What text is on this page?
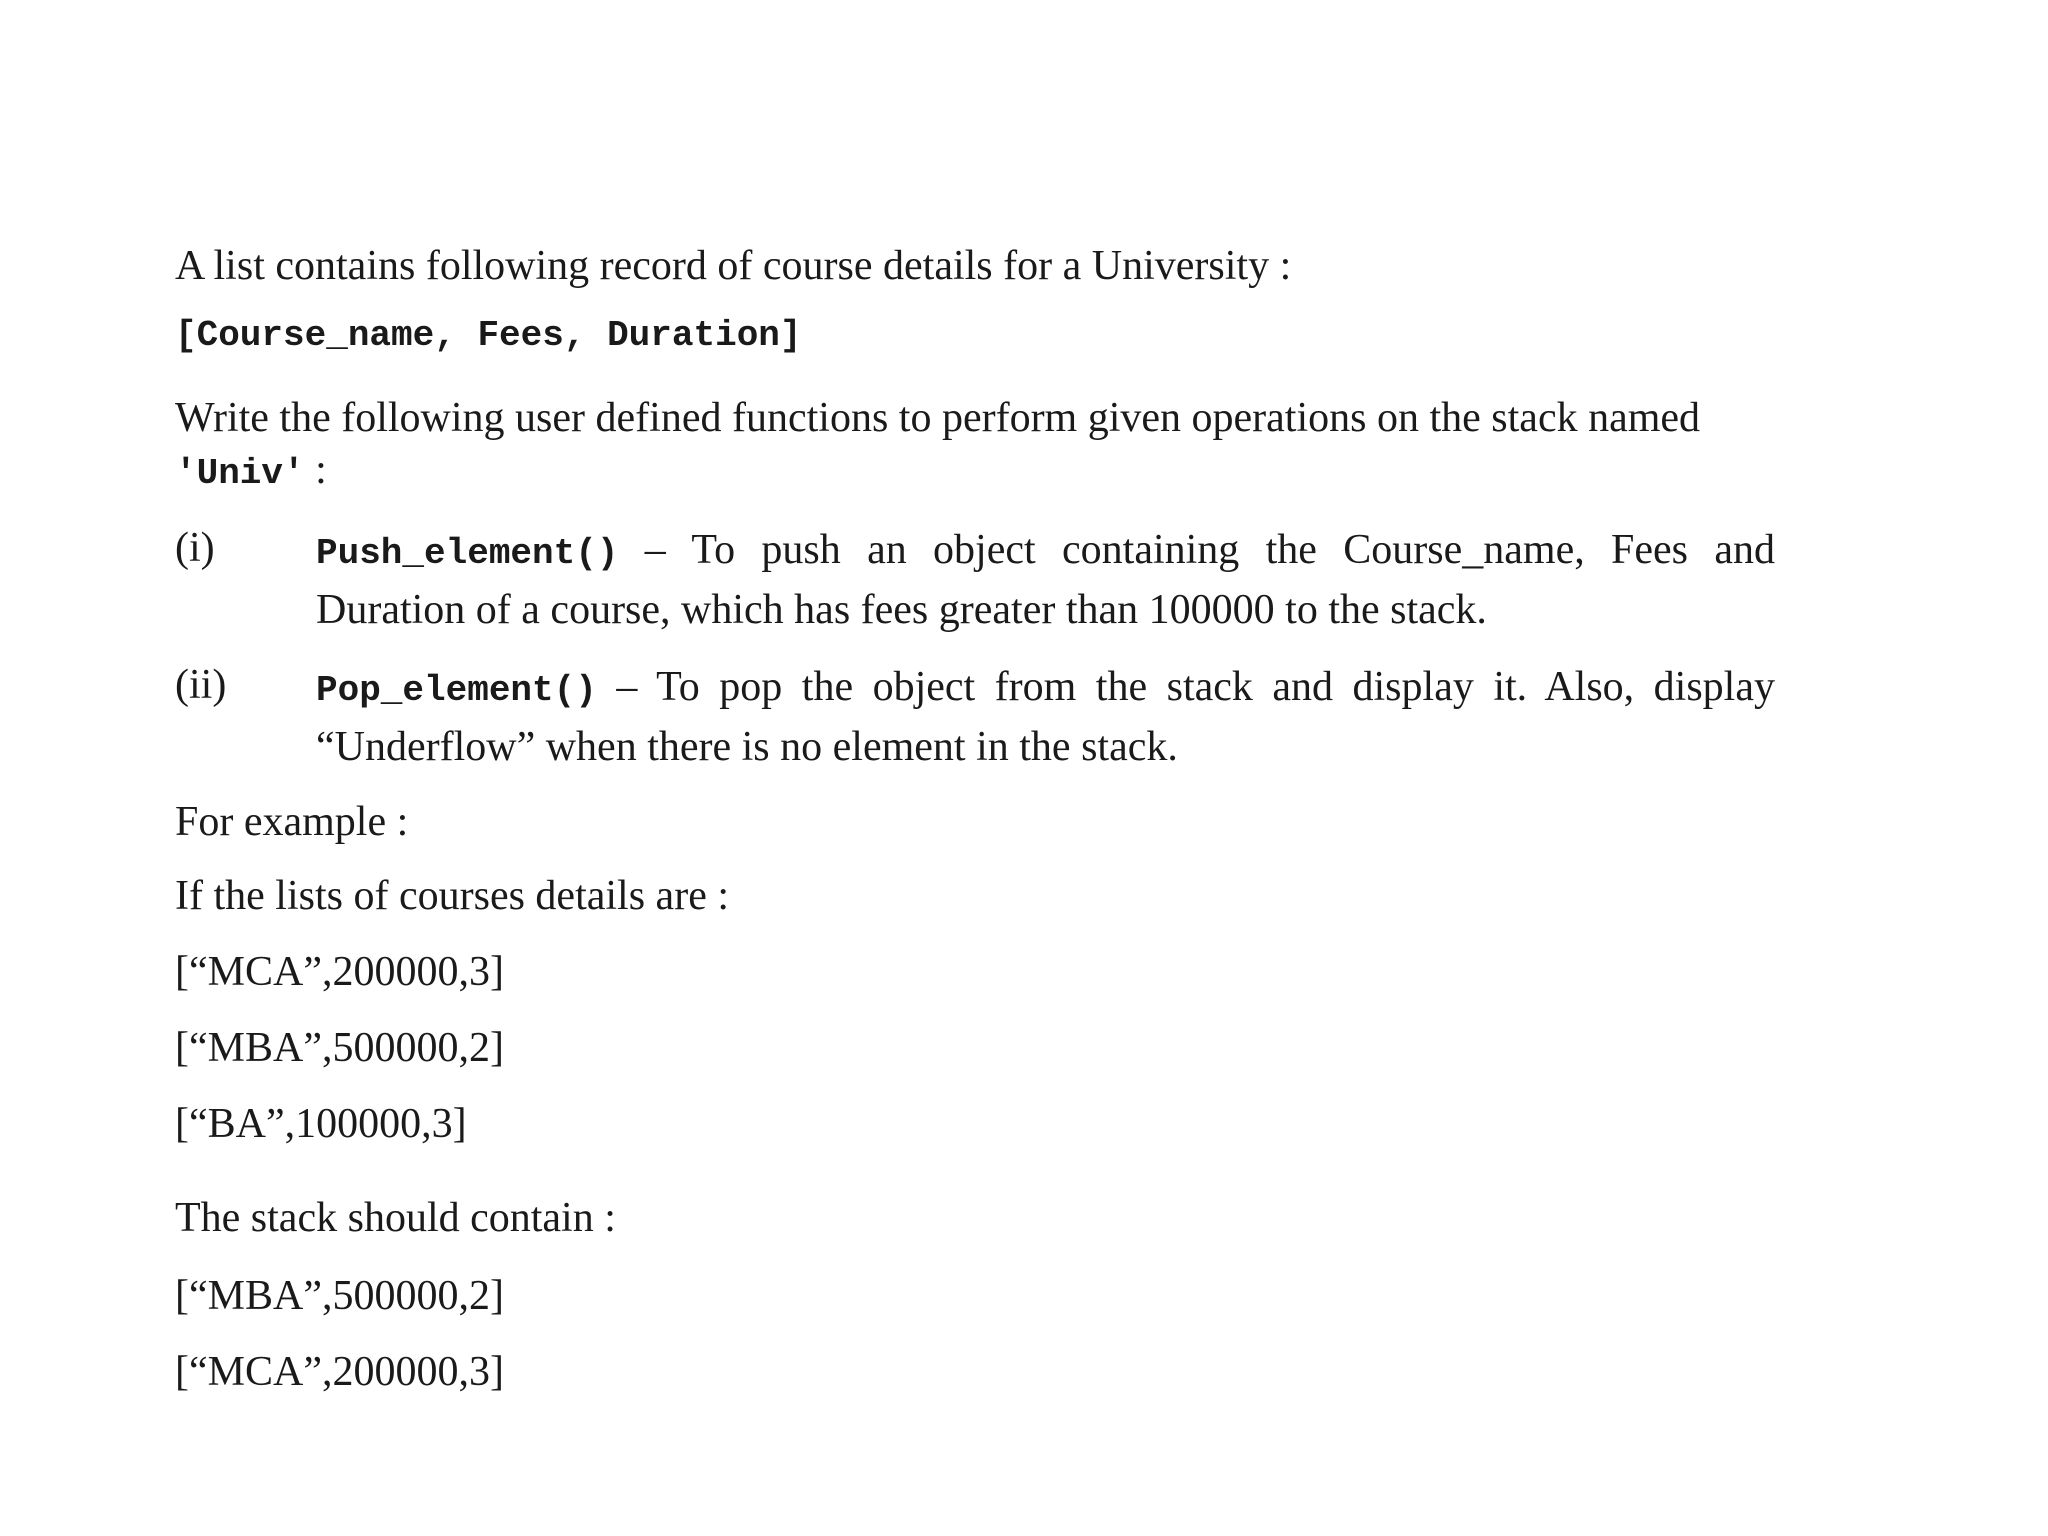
A list contains following record of course details for a University :

[Course_name, Fees, Duration]

Write the following user defined functions to perform given operations on the stack named 'Univ' :

(i)	Push_element() – To push an object containing the Course_name, Fees and Duration of a course, which has fees greater than 100000 to the stack.
(ii)	Pop_element() – To pop the object from the stack and display it. Also, display “Underflow” when there is no element in the stack.

For example :

If the lists of courses details are :

[“MCA”,200000,3]

[“MBA”,500000,2]

[“BA”,100000,3]

The stack should contain :

[“MBA”,500000,2]

[“MCA”,200000,3]
